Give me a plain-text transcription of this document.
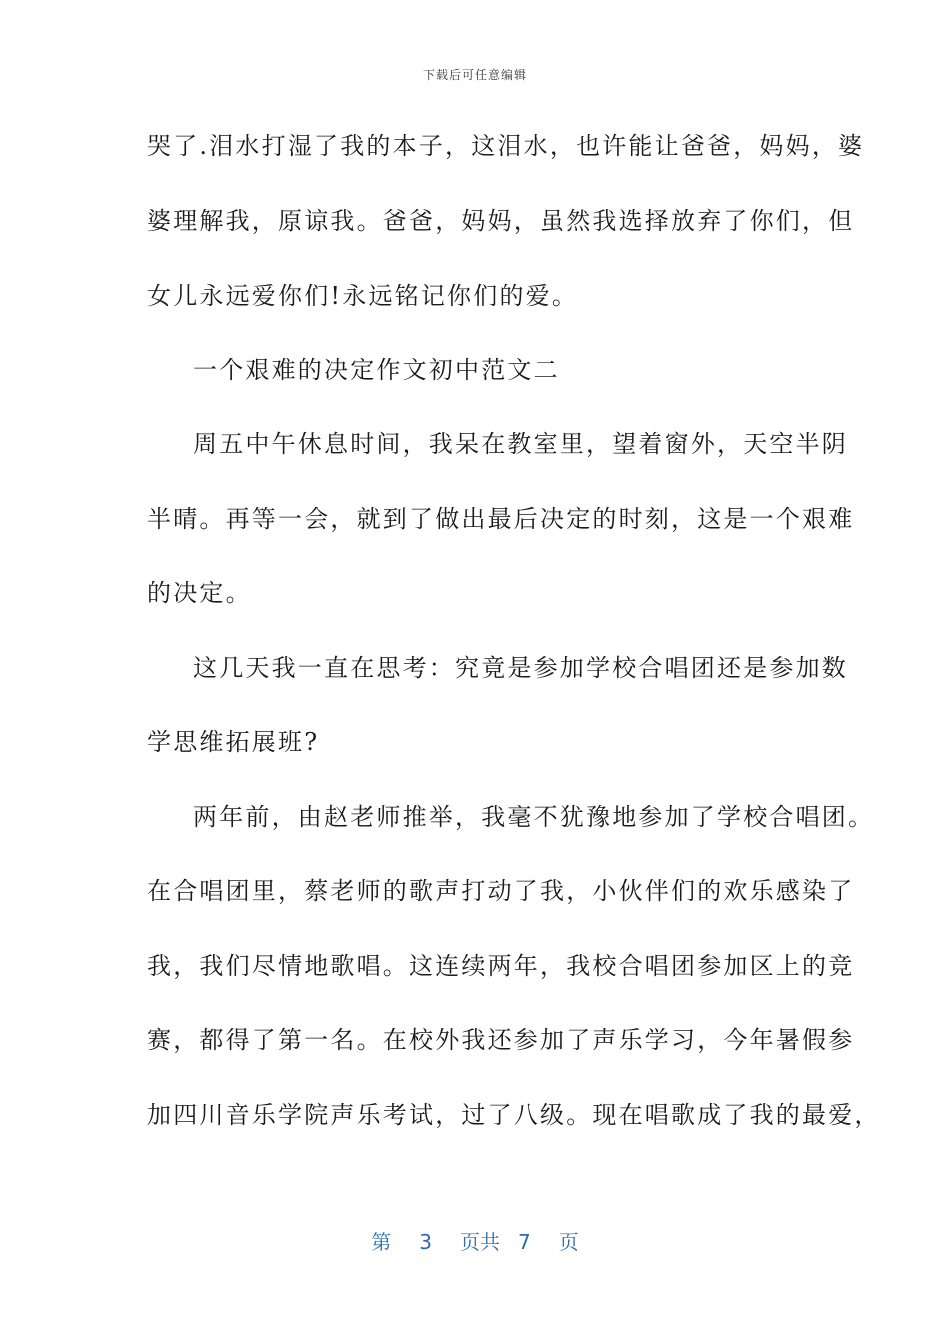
下载后可任意编辑
哭了.泪水打湿了我的本子，这泪水，也许能让爸爸，妈妈，婆
婆理解我，原谅我。爸爸，妈妈，虽然我选择放弃了你们，但
女儿永远爱你们!永远铭记你们的爱。
一个艰难的决定作文初中范文二
周五中午休息时间，我呆在教室里，望着窗外，天空半阴
半晴。再等一会，就到了做出最后决定的时刻，这是一个艰难
的决定。
这几天我一直在思考：究竟是参加学校合唱团还是参加数
学思维拓展班?
两年前，由赵老师推举，我毫不犹豫地参加了学校合唱团。
在合唱团里，蔡老师的歌声打动了我，小伙伴们的欢乐感染了
我，我们尽情地歌唱。这连续两年，我校合唱团参加区上的竞
赛，都得了第一名。在校外我还参加了声乐学习，今年暑假参
加四川音乐学院声乐考试，过了八级。现在唱歌成了我的最爱，
第 3 页共 7 页
